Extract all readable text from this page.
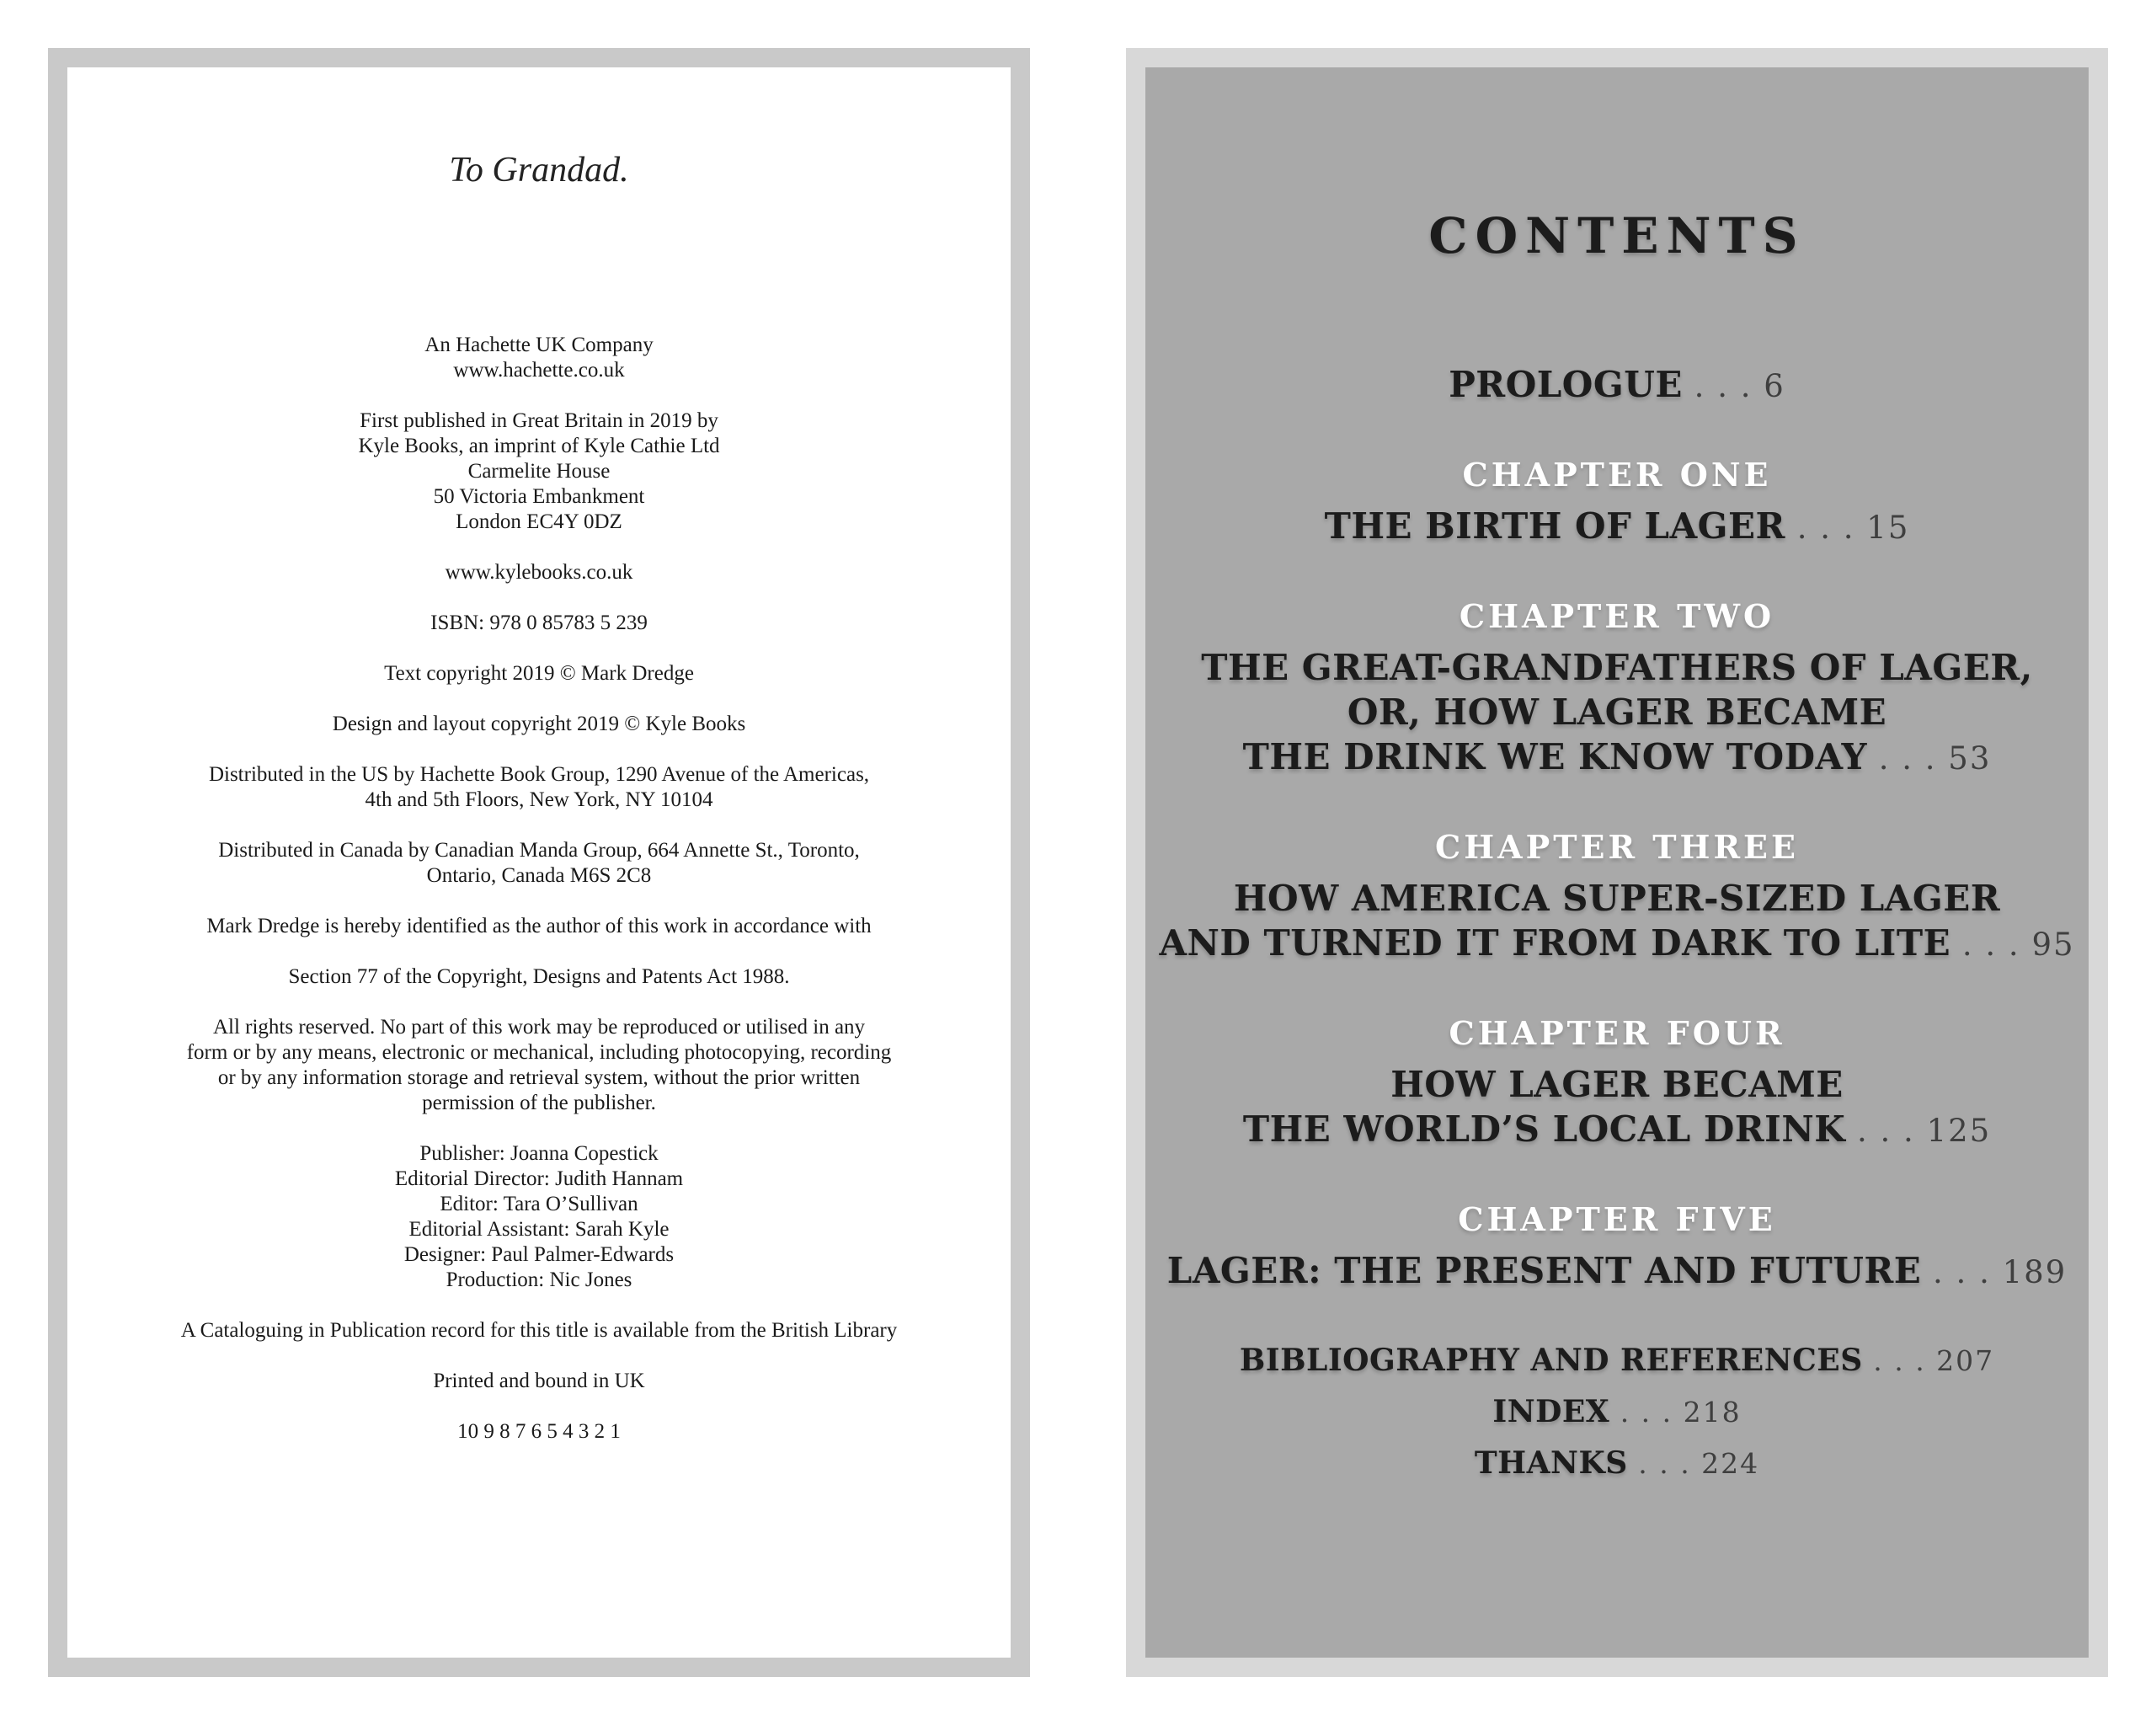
To Grandad.

An Hachette UK Company
www.hachette.co.uk

First published in Great Britain in 2019 by
Kyle Books, an imprint of Kyle Cathie Ltd
Carmelite House
50 Victoria Embankment
London EC4Y 0DZ

www.kylebooks.co.uk

ISBN: 978 0 85783 5 239

Text copyright 2019 © Mark Dredge

Design and layout copyright 2019 © Kyle Books

Distributed in the US by Hachette Book Group, 1290 Avenue of the Americas,
4th and 5th Floors, New York, NY 10104

Distributed in Canada by Canadian Manda Group, 664 Annette St., Toronto,
Ontario, Canada M6S 2C8

Mark Dredge is hereby identified as the author of this work in accordance with

Section 77 of the Copyright, Designs and Patents Act 1988.

All rights reserved. No part of this work may be reproduced or utilised in any
form or by any means, electronic or mechanical, including photocopying, recording
or by any information storage and retrieval system, without the prior written
permission of the publisher.

Publisher: Joanna Copestick
Editorial Director: Judith Hannam
Editor: Tara O’Sullivan
Editorial Assistant: Sarah Kyle
Designer: Paul Palmer-Edwards
Production: Nic Jones

A Cataloguing in Publication record for this title is available from the British Library

Printed and bound in UK

10 9 8 7 6 5 4 3 2 1

CONTENTS
PROLOGUE . . . 6
CHAPTER ONE
THE BIRTH OF LAGER . . . 15
CHAPTER TWO
THE GREAT-GRANDFATHERS OF LAGER,
OR, HOW LAGER BECAME
THE DRINK WE KNOW TODAY . . . 53
CHAPTER THREE
HOW AMERICA SUPER-SIZED LAGER
AND TURNED IT FROM DARK TO LITE . . . 95
CHAPTER FOUR
HOW LAGER BECAME
THE WORLD’S LOCAL DRINK . . . 125
CHAPTER FIVE
LAGER: THE PRESENT AND FUTURE . . . 189
BIBLIOGRAPHY AND REFERENCES . . . 207
INDEX . . . 218
THANKS . . . 224
